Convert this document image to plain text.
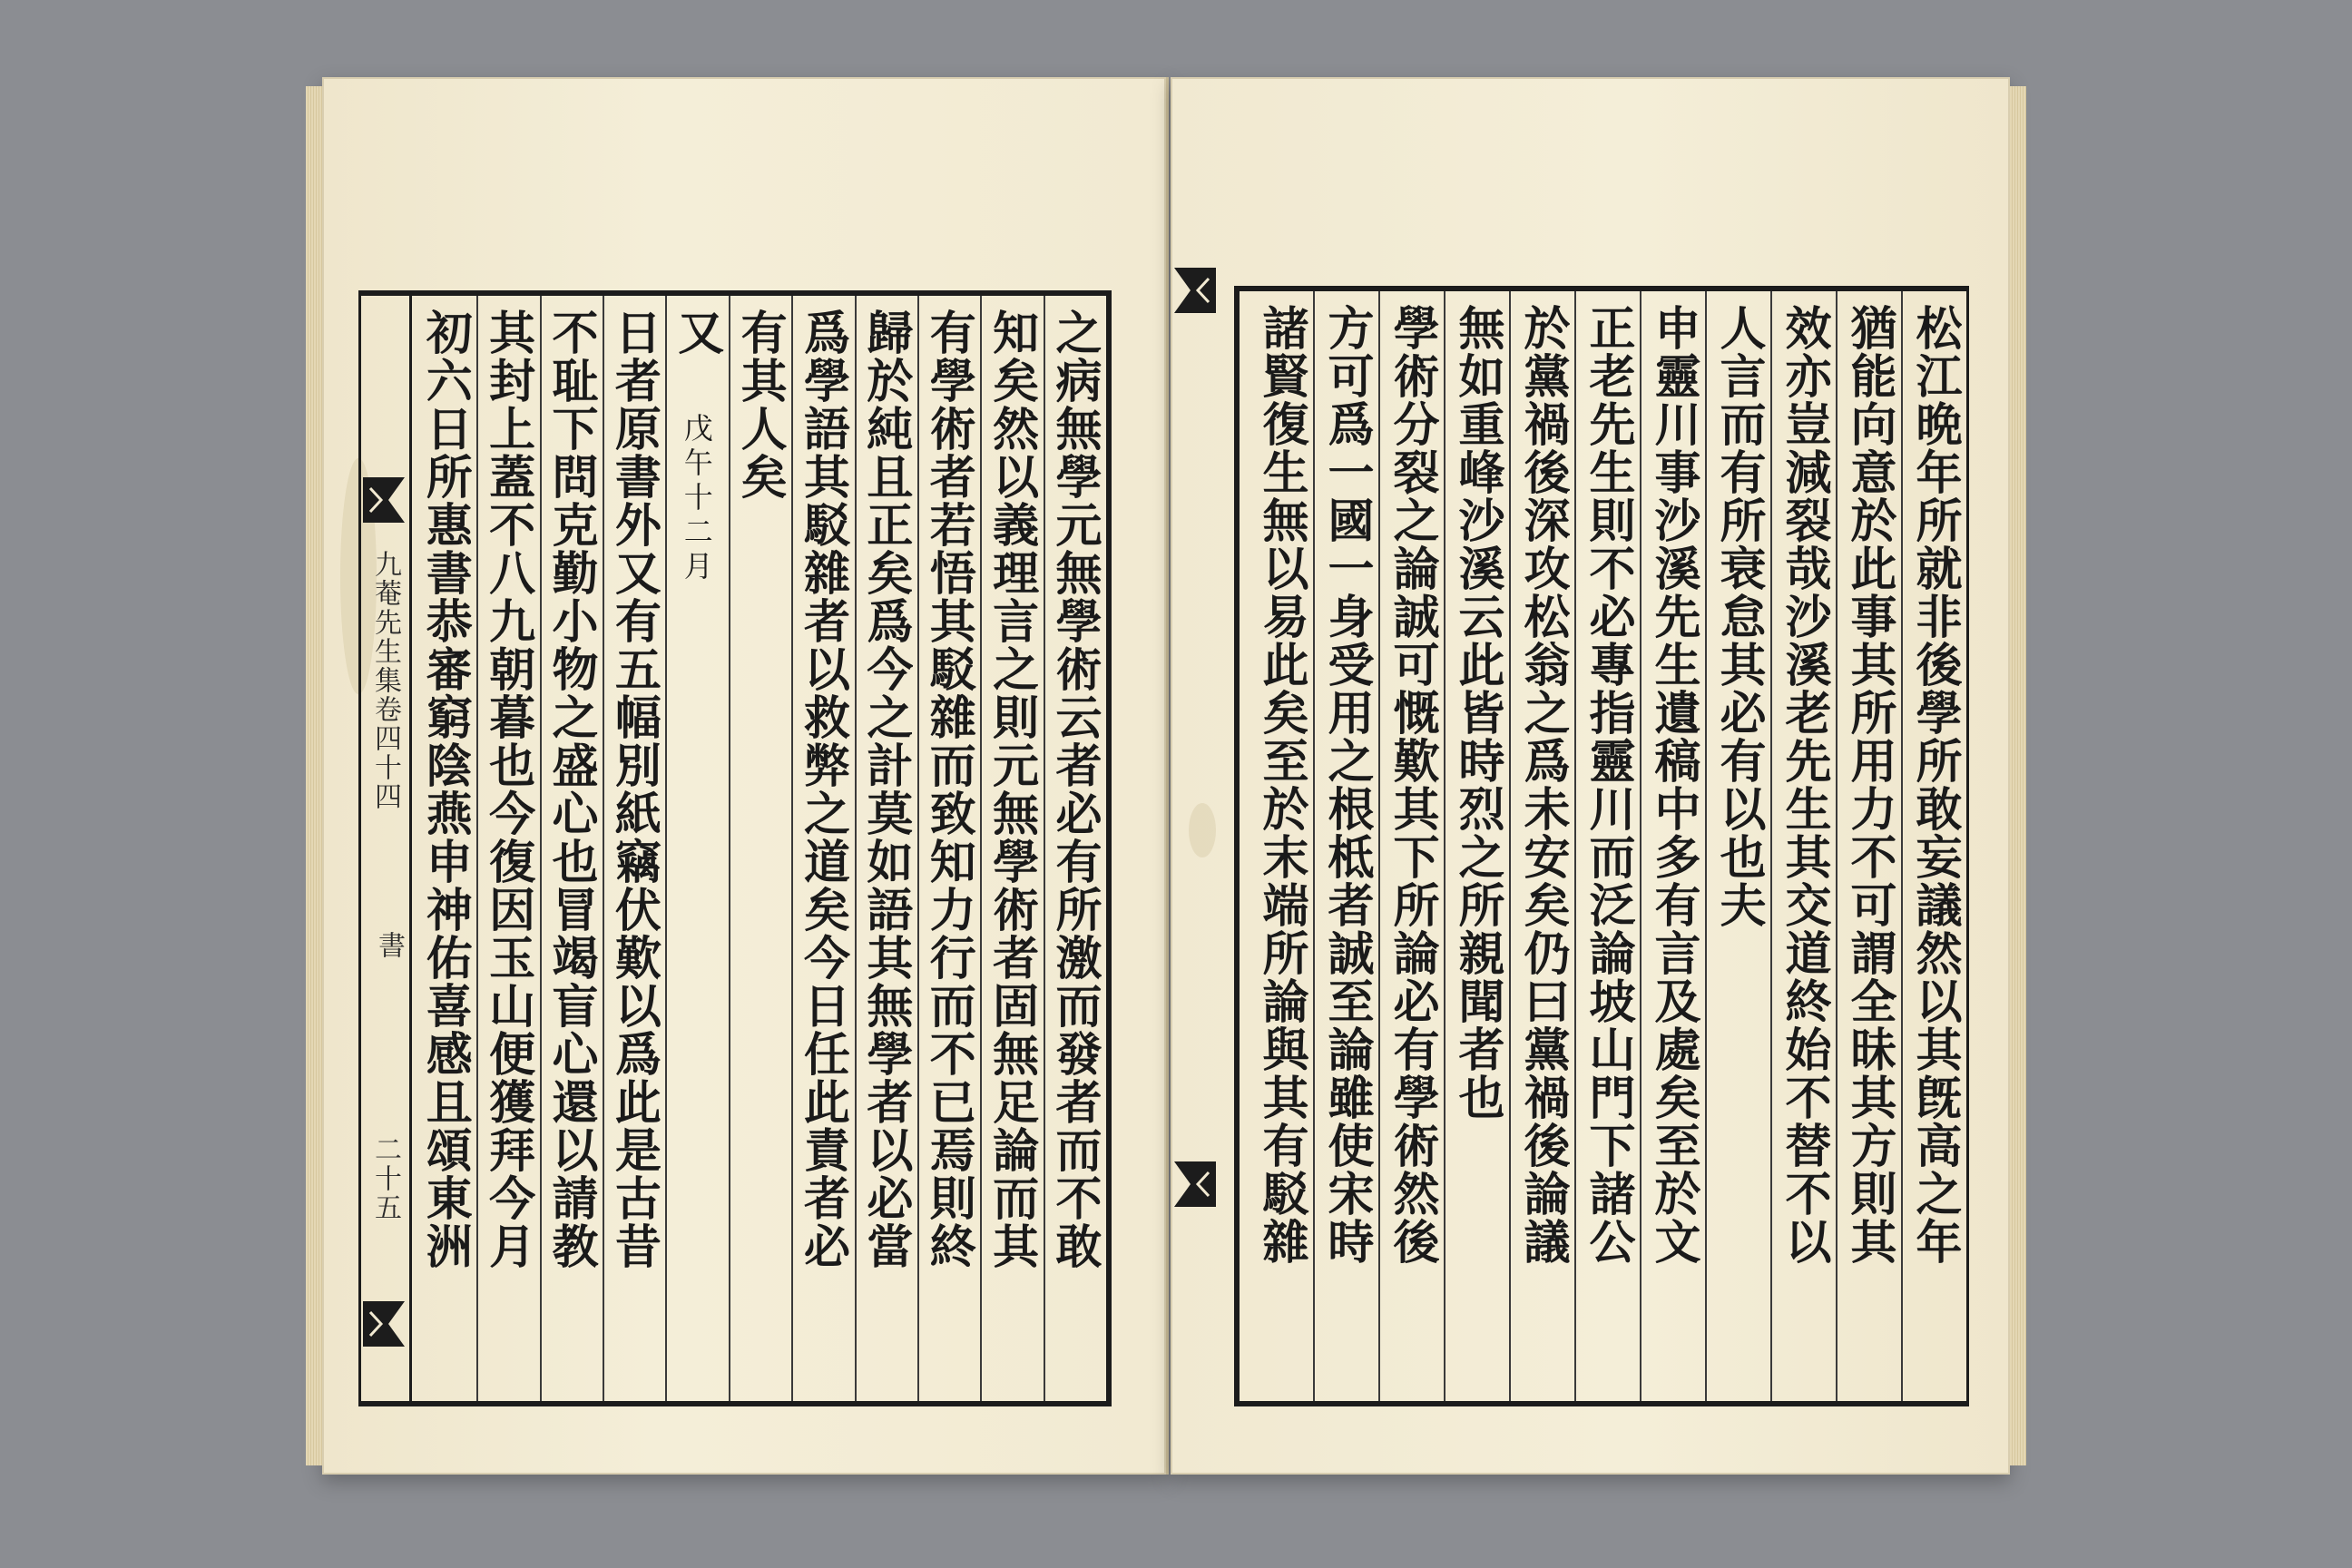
之病無學元無學術云者必有所激而發者而不敢
知矣然以義理言之則元無學術者固無足論而其
有學術者若悟其駁雜而致知力行而不已焉則終
歸於純且正矣爲今之計莫如語其無學者以必當
爲學語其駁雜者以救弊之道矣今日任此責者必
有其人矣
又 戊午十二月
日者原書外又有五幅別紙竊伏歎以爲此是古昔
不耻下問克勤小物之盛心也冒竭盲心還以請教
其封上蓋不八九朝暮也今復因玉山便獲拜今月
初六日所惠書恭審窮陰燕申神佑喜感且頌東洲
九菴先生集卷四十四
書
二十五	松江晩年所就非後學所敢妄議然以其旣高之年
猶能向意於此事其所用力不可謂全昧其方則其
效亦豈減裂哉沙溪老先生其交道終始不替不以
人言而有所衰怠其必有以也夫
申靈川事沙溪先生遺稿中多有言及處矣至於文
正老先生則不必專指靈川而泛論坡山門下諸公
於黨禍後深攻松翁之爲未安矣仍曰黨禍後論議
無如重峰沙溪云此皆時烈之所親聞者也
學術分裂之論誠可慨歎其下所論必有學術然後
方可爲一國一身受用之根柢者誠至論雖使宋時
諸賢復生無以易此矣至於末端所論與其有駁雜
